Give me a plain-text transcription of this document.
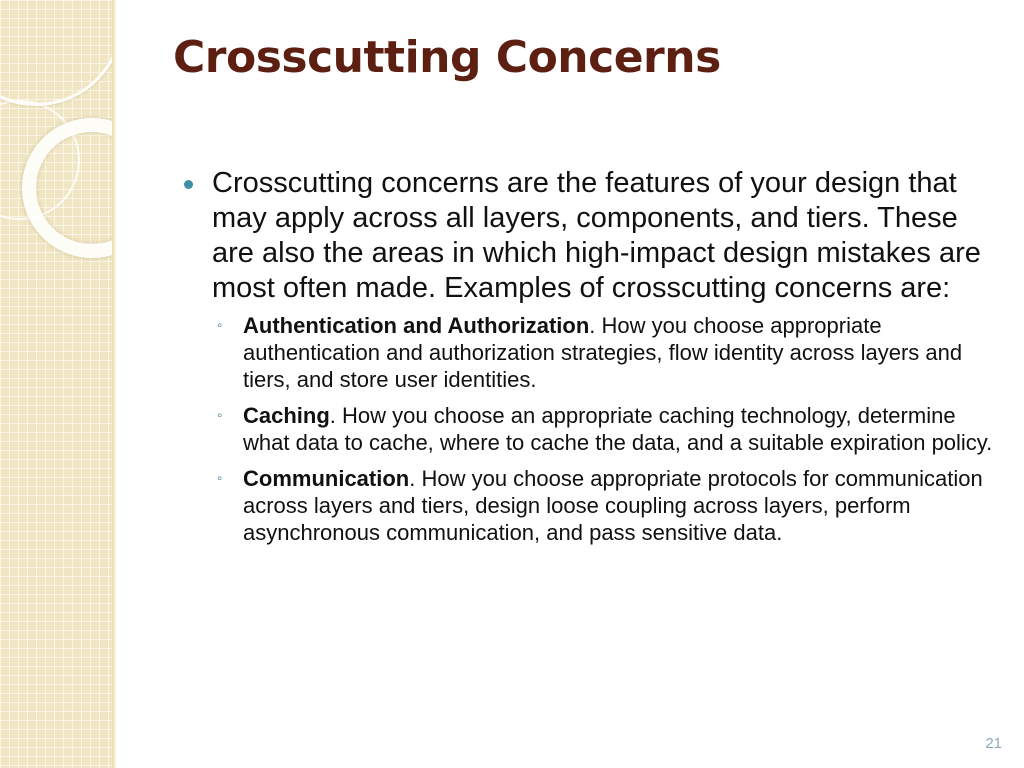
Crosscutting Concerns
Crosscutting concerns are the features of your design that may apply across all layers, components, and tiers. These are also the areas in which high-impact design mistakes are most often made. Examples of crosscutting concerns are:
◦ Authentication and Authorization. How you choose appropriate authentication and authorization strategies, flow identity across layers and tiers, and store user identities.
◦ Caching. How you choose an appropriate caching technology, determine what data to cache, where to cache the data, and a suitable expiration policy.
◦ Communication. How you choose appropriate protocols for communication across layers and tiers, design loose coupling across layers, perform asynchronous communication, and pass sensitive data.
21
